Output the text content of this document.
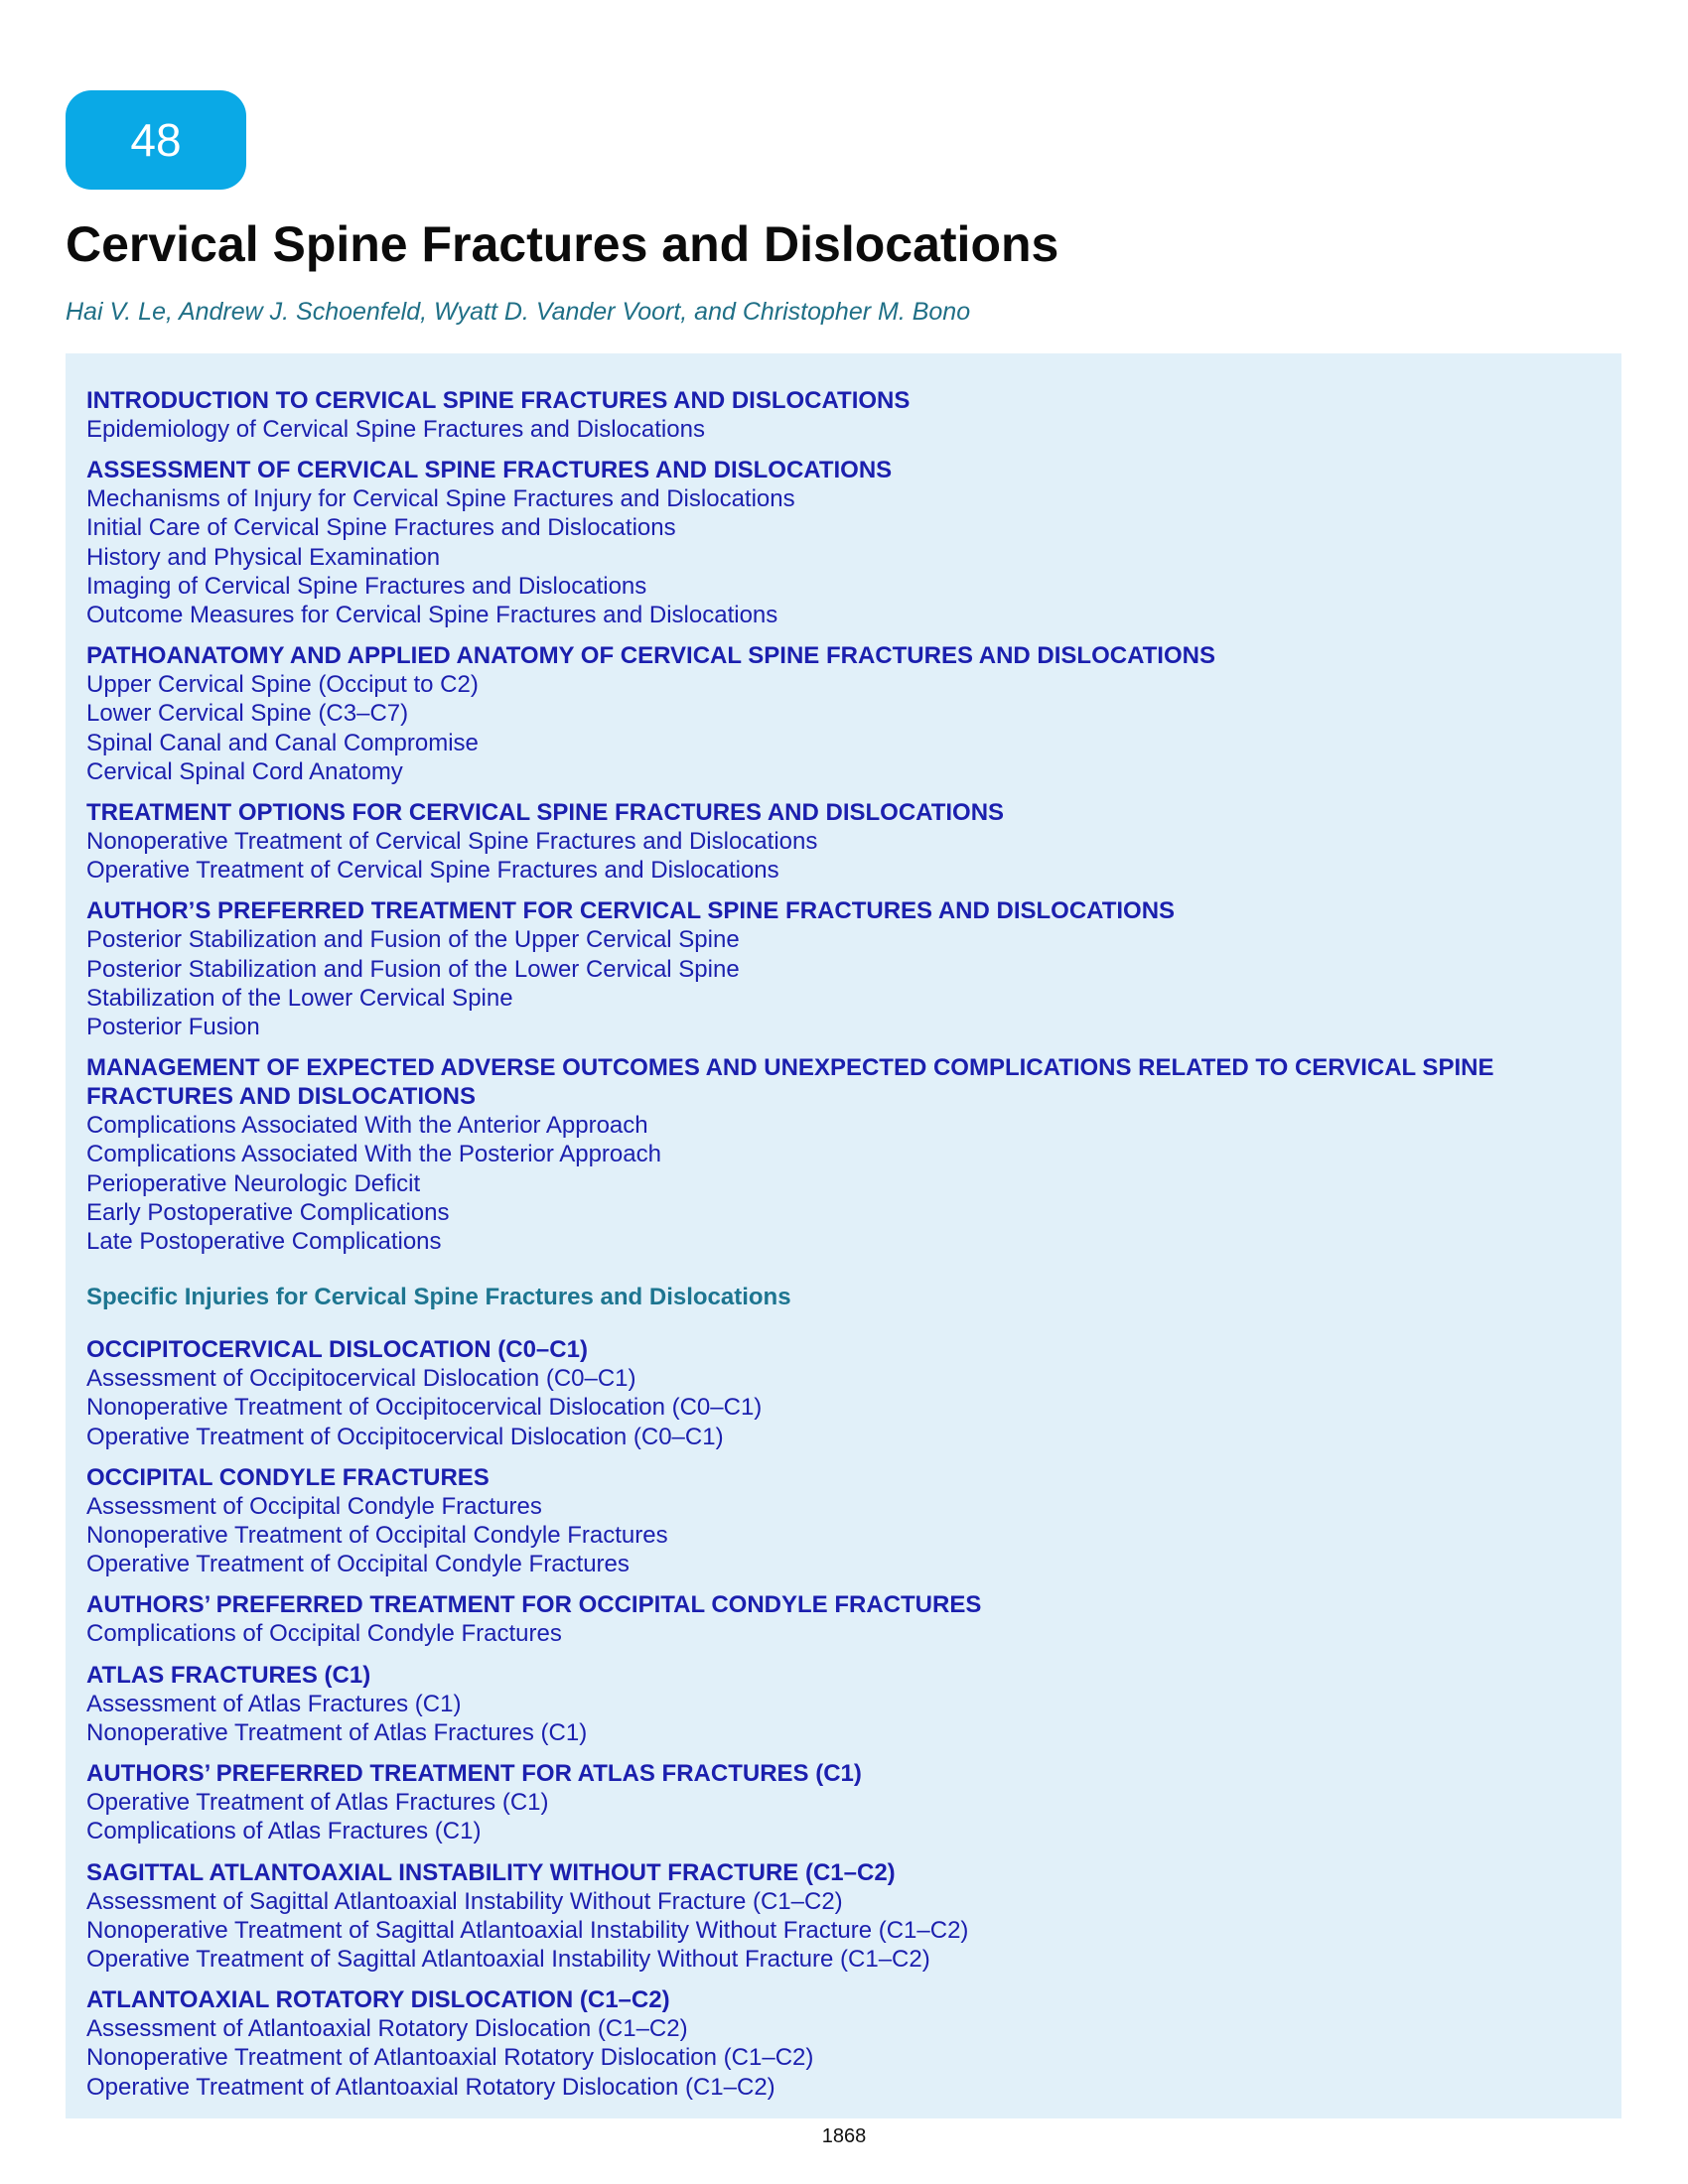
48
Cervical Spine Fractures and Dislocations
Hai V. Le, Andrew J. Schoenfeld, Wyatt D. Vander Voort, and Christopher M. Bono
INTRODUCTION TO CERVICAL SPINE FRACTURES AND DISLOCATIONS
Epidemiology of Cervical Spine Fractures and Dislocations
ASSESSMENT OF CERVICAL SPINE FRACTURES AND DISLOCATIONS
Mechanisms of Injury for Cervical Spine Fractures and Dislocations
Initial Care of Cervical Spine Fractures and Dislocations
History and Physical Examination
Imaging of Cervical Spine Fractures and Dislocations
Outcome Measures for Cervical Spine Fractures and Dislocations
PATHOANATOMY AND APPLIED ANATOMY OF CERVICAL SPINE FRACTURES AND DISLOCATIONS
Upper Cervical Spine (Occiput to C2)
Lower Cervical Spine (C3–C7)
Spinal Canal and Canal Compromise
Cervical Spinal Cord Anatomy
TREATMENT OPTIONS FOR CERVICAL SPINE FRACTURES AND DISLOCATIONS
Nonoperative Treatment of Cervical Spine Fractures and Dislocations
Operative Treatment of Cervical Spine Fractures and Dislocations
AUTHOR’S PREFERRED TREATMENT FOR CERVICAL SPINE FRACTURES AND DISLOCATIONS
Posterior Stabilization and Fusion of the Upper Cervical Spine
Posterior Stabilization and Fusion of the Lower Cervical Spine
Stabilization of the Lower Cervical Spine
Posterior Fusion
MANAGEMENT OF EXPECTED ADVERSE OUTCOMES AND UNEXPECTED COMPLICATIONS RELATED TO CERVICAL SPINE FRACTURES AND DISLOCATIONS
Complications Associated With the Anterior Approach
Complications Associated With the Posterior Approach
Perioperative Neurologic Deficit
Early Postoperative Complications
Late Postoperative Complications
Specific Injuries for Cervical Spine Fractures and Dislocations
OCCIPITOCERVICAL DISLOCATION (C0–C1)
Assessment of Occipitocervical Dislocation (C0–C1)
Nonoperative Treatment of Occipitocervical Dislocation (C0–C1)
Operative Treatment of Occipitocervical Dislocation (C0–C1)
OCCIPITAL CONDYLE FRACTURES
Assessment of Occipital Condyle Fractures
Nonoperative Treatment of Occipital Condyle Fractures
Operative Treatment of Occipital Condyle Fractures
AUTHORS’ PREFERRED TREATMENT FOR OCCIPITAL CONDYLE FRACTURES
Complications of Occipital Condyle Fractures
ATLAS FRACTURES (C1)
Assessment of Atlas Fractures (C1)
Nonoperative Treatment of Atlas Fractures (C1)
AUTHORS’ PREFERRED TREATMENT FOR ATLAS FRACTURES (C1)
Operative Treatment of Atlas Fractures (C1)
Complications of Atlas Fractures (C1)
SAGITTAL ATLANTOAXIAL INSTABILITY WITHOUT FRACTURE (C1–C2)
Assessment of Sagittal Atlantoaxial Instability Without Fracture (C1–C2)
Nonoperative Treatment of Sagittal Atlantoaxial Instability Without Fracture (C1–C2)
Operative Treatment of Sagittal Atlantoaxial Instability Without Fracture (C1–C2)
ATLANTOAXIAL ROTATORY DISLOCATION (C1–C2)
Assessment of Atlantoaxial Rotatory Dislocation (C1–C2)
Nonoperative Treatment of Atlantoaxial Rotatory Dislocation (C1–C2)
Operative Treatment of Atlantoaxial Rotatory Dislocation (C1–C2)
1868
